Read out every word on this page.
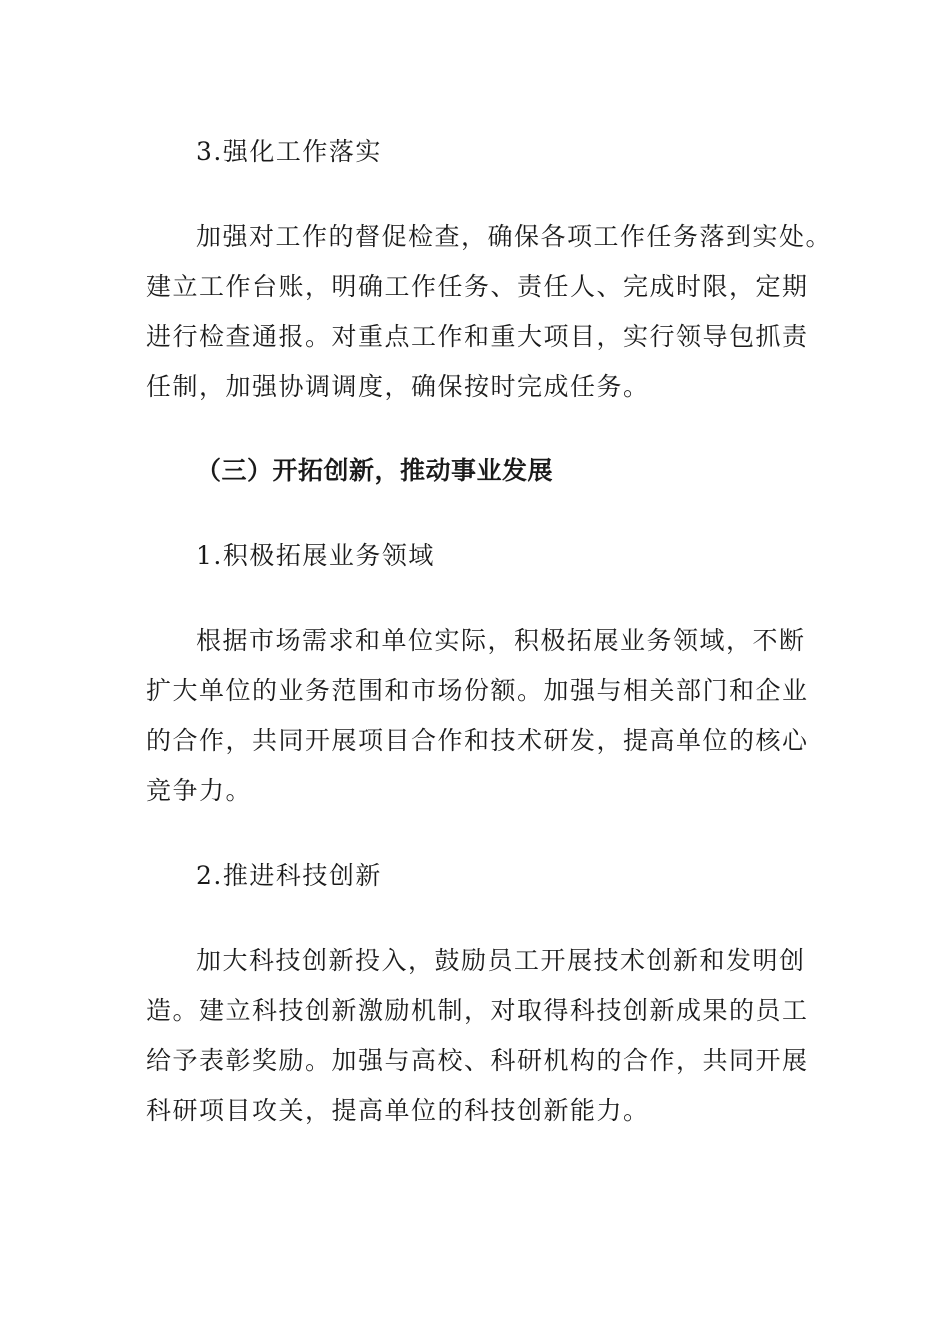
3.强化工作落实
加强对工作的督促检查，确保各项工作任务落到实处。
建立工作台账，明确工作任务、责任人、完成时限，定期
进行检查通报。对重点工作和重大项目，实行领导包抓责
任制，加强协调调度，确保按时完成任务。
（三）开拓创新，推动事业发展
1.积极拓展业务领域
根据市场需求和单位实际，积极拓展业务领域，不断
扩大单位的业务范围和市场份额。加强与相关部门和企业
的合作，共同开展项目合作和技术研发，提高单位的核心
竞争力。
2.推进科技创新
加大科技创新投入，鼓励员工开展技术创新和发明创
造。建立科技创新激励机制，对取得科技创新成果的员工
给予表彰奖励。加强与高校、科研机构的合作，共同开展
科研项目攻关，提高单位的科技创新能力。
